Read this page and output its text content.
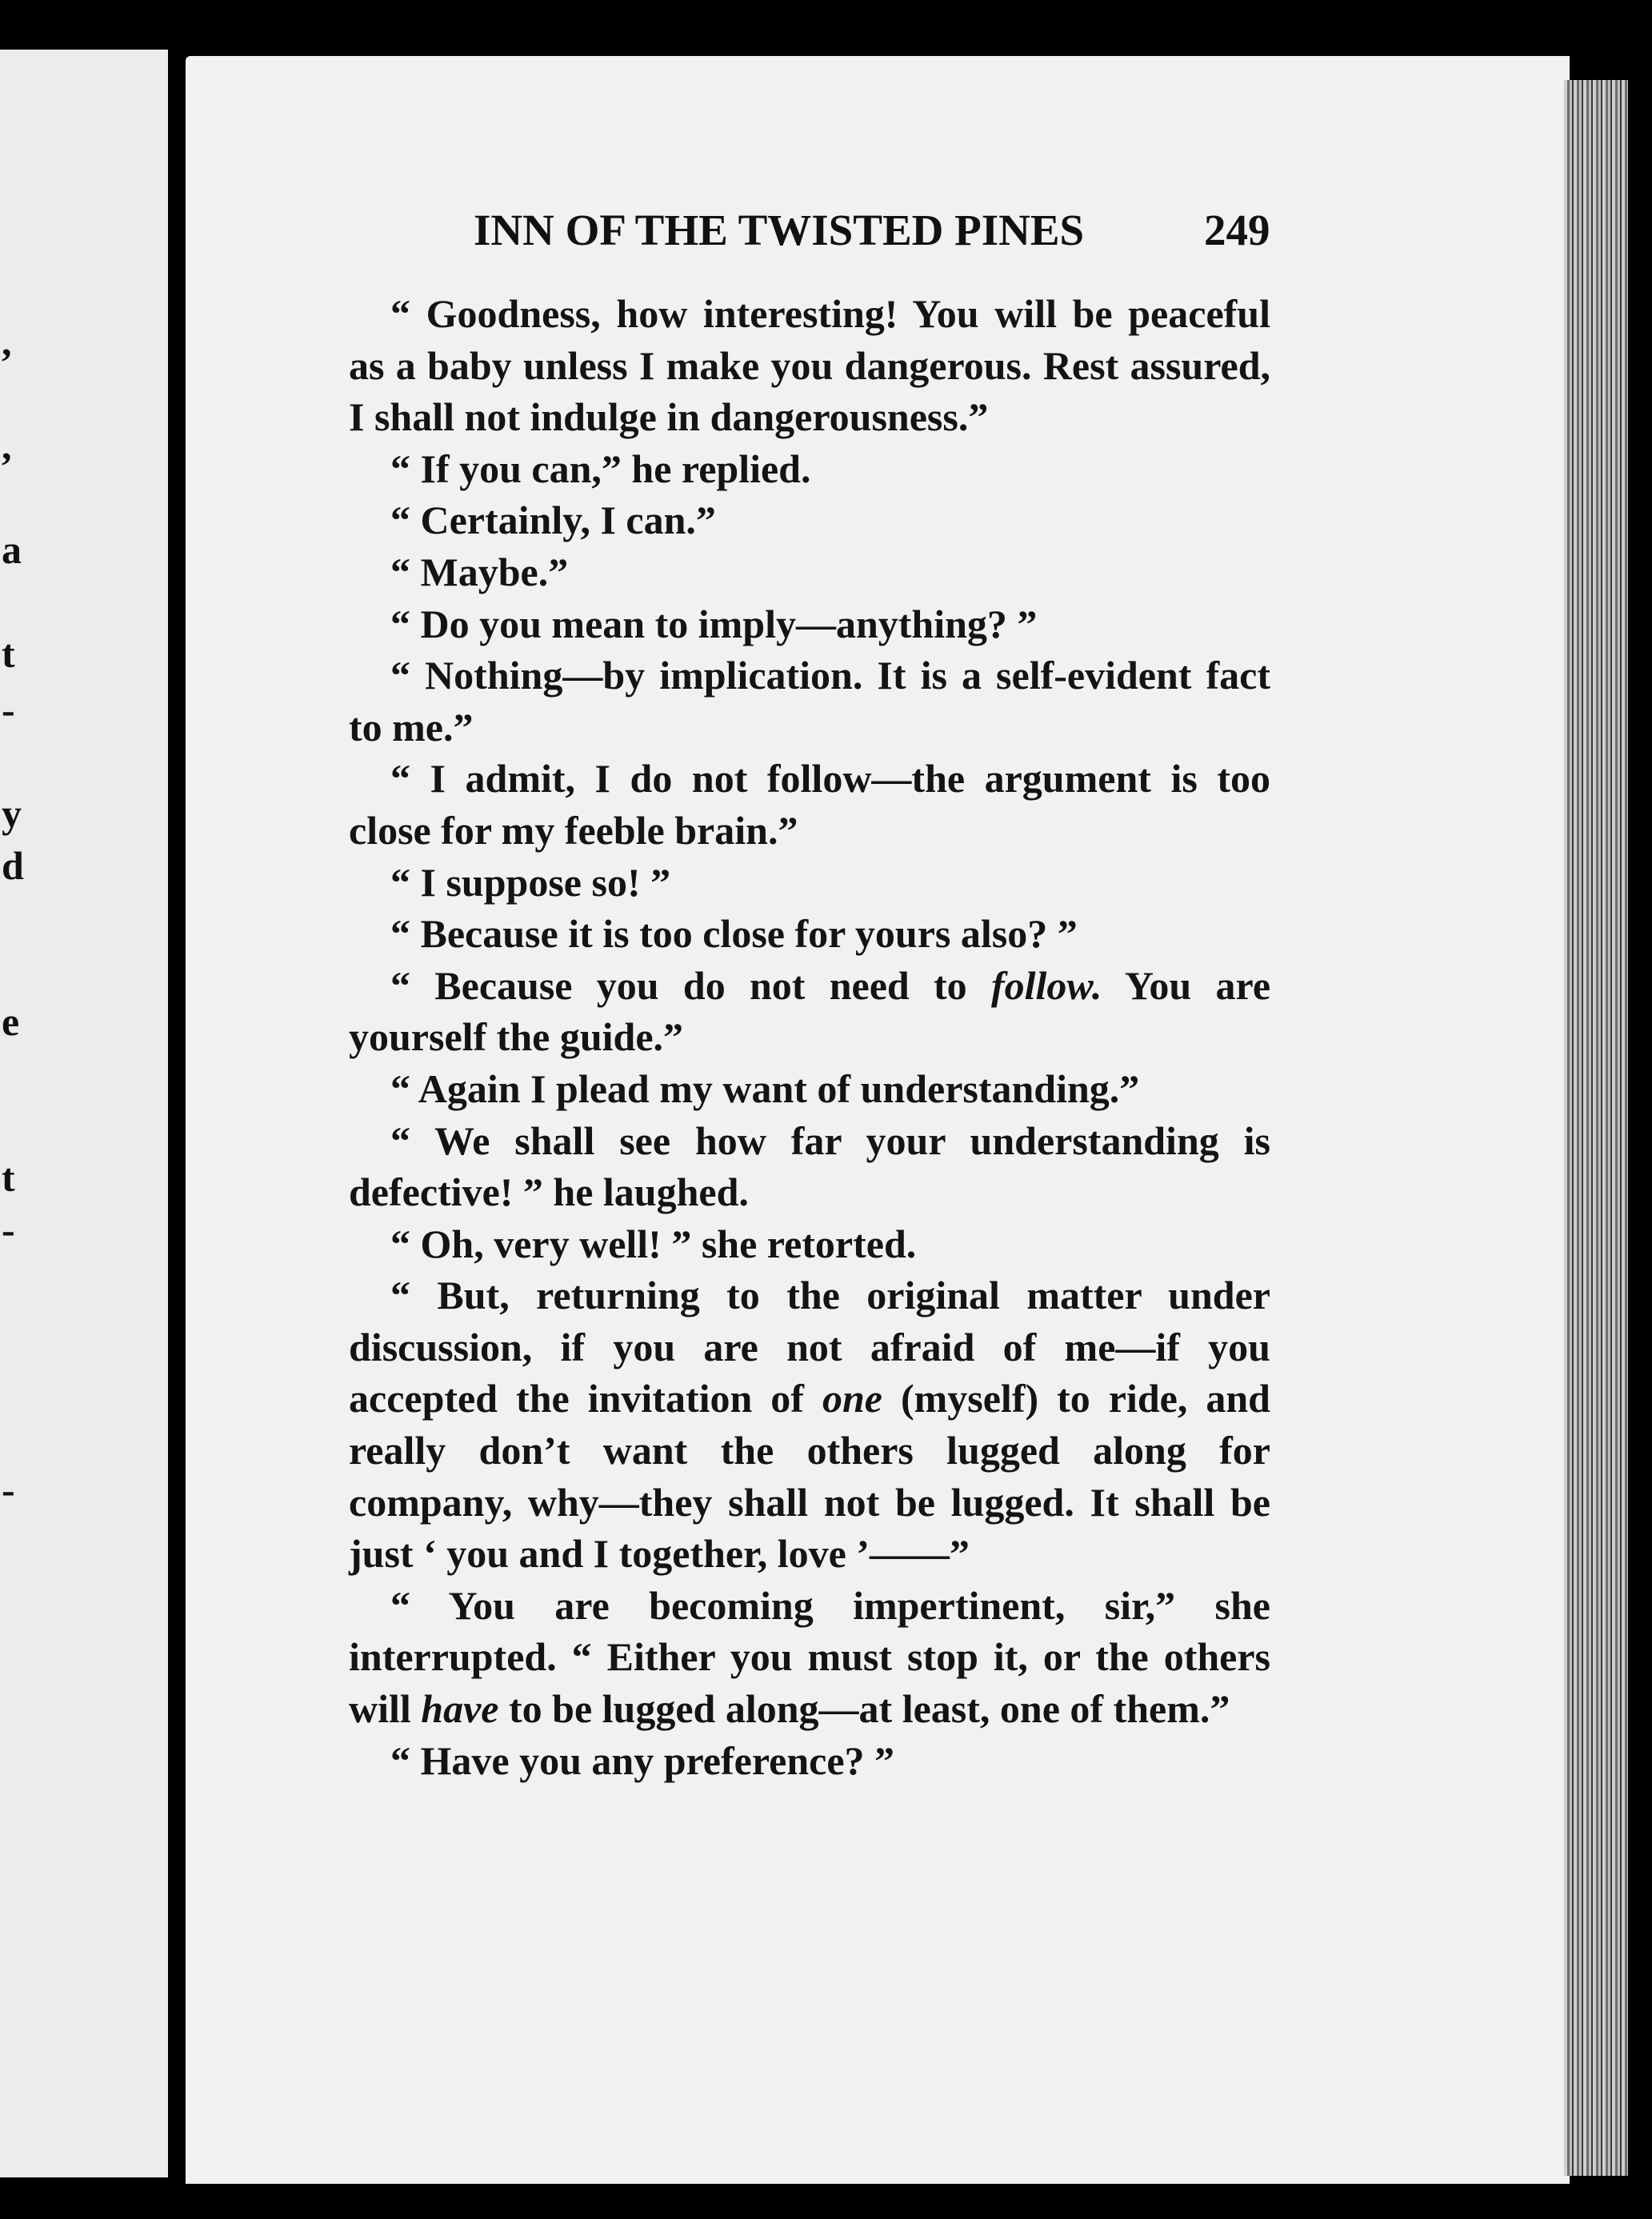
,
,
a
t
-
y
d
e
t
-
-
INN OF THE TWISTED PINES	249

“ Goodness, how interesting! You will be peaceful as a baby unless I make you dangerous. Rest assured, I shall not indulge in dangerousness.”

“ If you can,” he replied.

“ Certainly, I can.”

“ Maybe.”

“ Do you mean to imply—anything? ”

“ Nothing—by implication. It is a self-evident fact to me.”

“ I admit, I do not follow—the argument is too close for my feeble brain.”

“ I suppose so! ”

“ Because it is too close for yours also? ”

“ Because you do not need to follow. You are yourself the guide.”

“ Again I plead my want of understanding.”

“ We shall see how far your understanding is defective! ” he laughed.

“ Oh, very well! ” she retorted.

“ But, returning to the original matter under discussion, if you are not afraid of me—if you accepted the invitation of one (myself) to ride, and really don’t want the others lugged along for company, why—they shall not be lugged. It shall be just ‘ you and I together, love ’——”

“ You are becoming impertinent, sir,” she interrupted. “ Either you must stop it, or the others will have to be lugged along—at least, one of them.”

“ Have you any preference? ”
